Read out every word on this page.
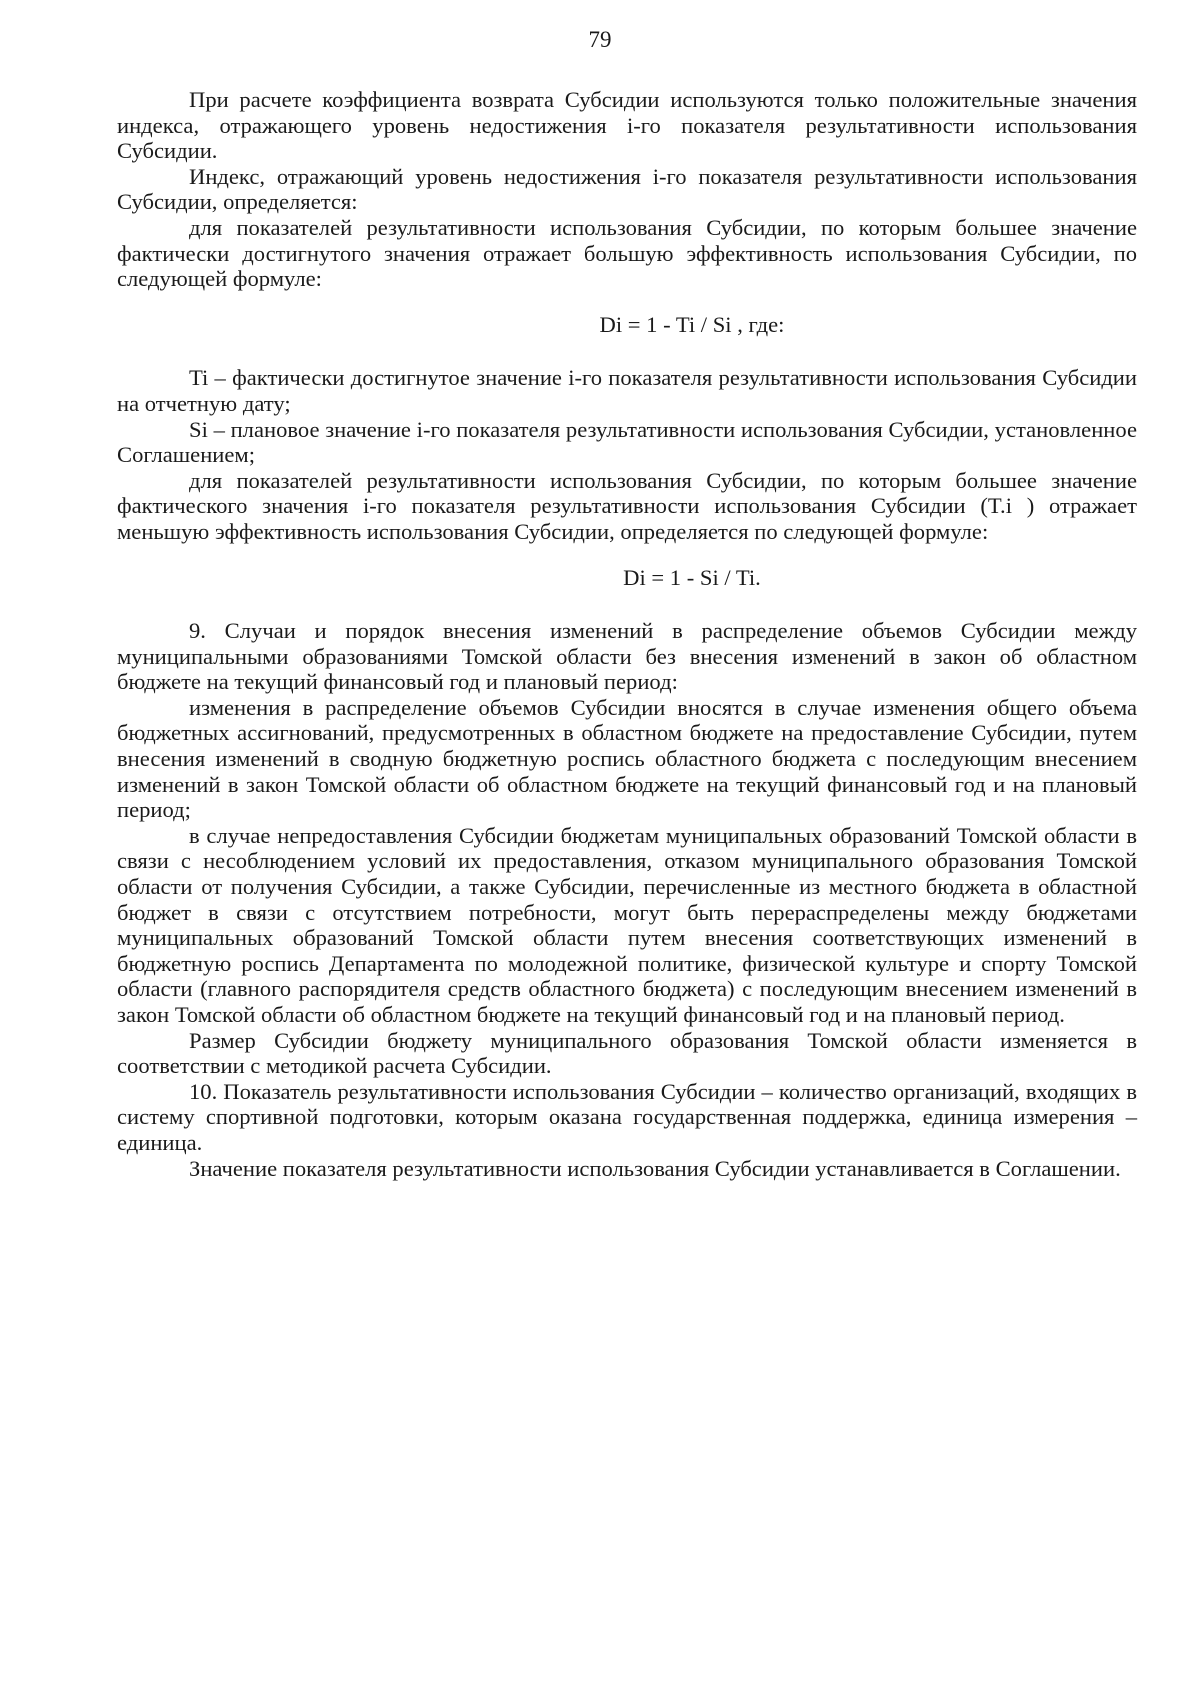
79

При расчете коэффициента возврата Субсидии используются только положительные значения индекса, отражающего уровень недостижения i-го показателя результативности использования Субсидии.

Индекс, отражающий уровень недостижения i-го показателя результативности использования Субсидии, определяется:

для показателей результативности использования Субсидии, по которым большее значение фактически достигнутого значения отражает большую эффективность использования Субсидии, по следующей формуле:

Di = 1 - Ti / Si , где:

Ti – фактически достигнутое значение i-го показателя результативности использования Субсидии на отчетную дату;

Si – плановое значение i-го показателя результативности использования Субсидии, установленное Соглашением;

для показателей результативности использования Субсидии, по которым большее значение фактического значения i-го показателя результативности использования Субсидии (T.i ) отражает меньшую эффективность использования Субсидии, определяется по следующей формуле:

Di = 1 - Si / Ti.

9. Случаи и порядок внесения изменений в распределение объемов Субсидии между муниципальными образованиями Томской области без внесения изменений в закон об областном бюджете на текущий финансовый год и плановый период:

изменения в распределение объемов Субсидии вносятся в случае изменения общего объема бюджетных ассигнований, предусмотренных в областном бюджете на предоставление Субсидии, путем внесения изменений в сводную бюджетную роспись областного бюджета с последующим внесением изменений в закон Томской области об областном бюджете на текущий финансовый год и на плановый период;

в случае непредоставления Субсидии бюджетам муниципальных образований Томской области в связи с несоблюдением условий их предоставления, отказом муниципального образования Томской области от получения Субсидии, а также Субсидии, перечисленные из местного бюджета в областной бюджет в связи с отсутствием потребности, могут быть перераспределены между бюджетами муниципальных образований Томской области путем внесения соответствующих изменений в бюджетную роспись Департамента по молодежной политике, физической культуре и спорту Томской области (главного распорядителя средств областного бюджета) с последующим внесением изменений в закон Томской области об областном бюджете на текущий финансовый год и на плановый период.

Размер Субсидии бюджету муниципального образования Томской области изменяется в соответствии с методикой расчета Субсидии.

10. Показатель результативности использования Субсидии – количество организаций, входящих в систему спортивной подготовки, которым оказана государственная поддержка, единица измерения – единица.

Значение показателя результативности использования Субсидии устанавливается в Соглашении.
